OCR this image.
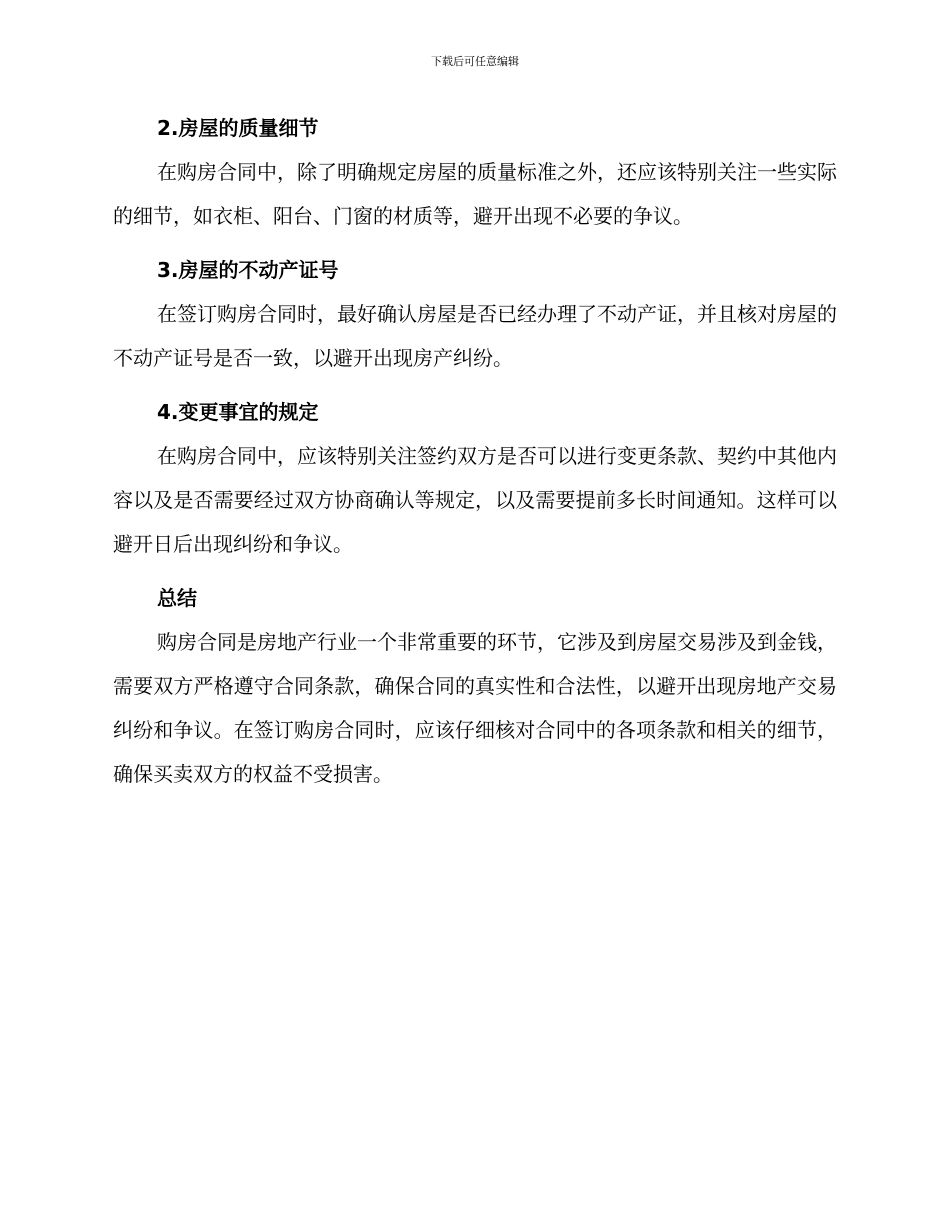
下载后可任意编辑
2.房屋的质量细节

在购房合同中，除了明确规定房屋的质量标准之外，还应该特别关注一些实际的细节，如衣柜、阳台、门窗的材质等，避开出现不必要的争议。

3.房屋的不动产证号

在签订购房合同时，最好确认房屋是否已经办理了不动产证，并且核对房屋的不动产证号是否一致，以避开出现房产纠纷。

4.变更事宜的规定

在购房合同中，应该特别关注签约双方是否可以进行变更条款、契约中其他内容以及是否需要经过双方协商确认等规定，以及需要提前多长时间通知。这样可以避开日后出现纠纷和争议。

总结

购房合同是房地产行业一个非常重要的环节，它涉及到房屋交易涉及到金钱，需要双方严格遵守合同条款，确保合同的真实性和合法性，以避开出现房地产交易纠纷和争议。在签订购房合同时，应该仔细核对合同中的各项条款和相关的细节，确保买卖双方的权益不受损害。
